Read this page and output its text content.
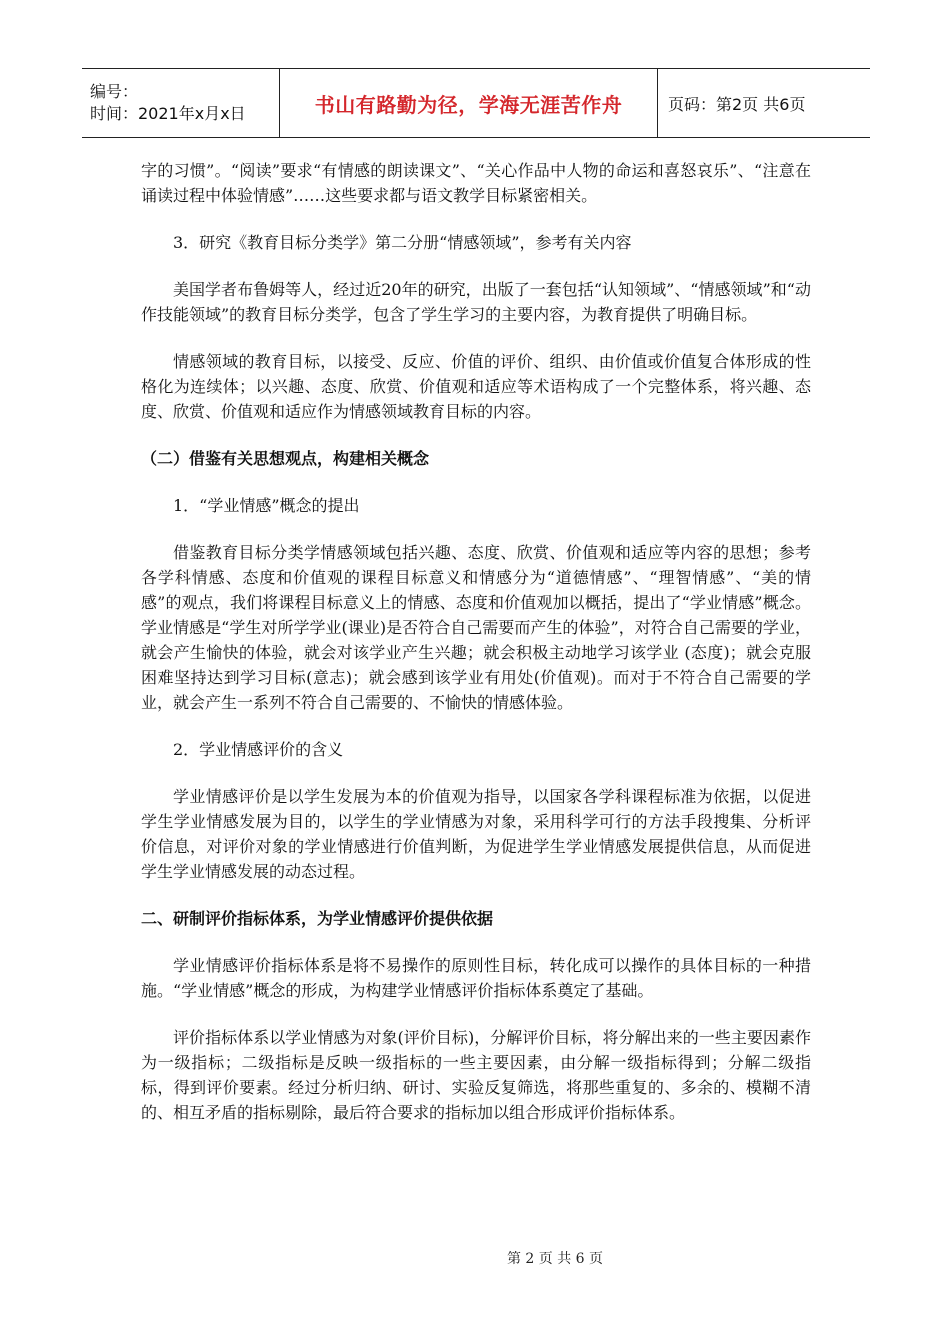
编号：
时间：2021年x月x日	书山有路勤为径，学海无涯苦作舟	页码：第2页 共6页

字的习惯”。“阅读”要求“有情感的朗读课文”、“关心作品中人物的命运和喜怒哀乐”、“注意在诵读过程中体验情感”……这些要求都与语文教学目标紧密相关。

3．研究《教育目标分类学》第二分册“情感领域”，参考有关内容

美国学者布鲁姆等人，经过近20年的研究，出版了一套包括“认知领域”、“情感领域”和“动作技能领域”的教育目标分类学，包含了学生学习的主要内容，为教育提供了明确目标。

情感领域的教育目标，以接受、反应、价值的评价、组织、由价值或价值复合体形成的性格化为连续体；以兴趣、态度、欣赏、价值观和适应等术语构成了一个完整体系，将兴趣、态度、欣赏、价值观和适应作为情感领域教育目标的内容。

（二）借鉴有关思想观点，构建相关概念

1．“学业情感”概念的提出

借鉴教育目标分类学情感领域包括兴趣、态度、欣赏、价值观和适应等内容的思想；参考各学科情感、态度和价值观的课程目标意义和情感分为“道德情感”、“理智情感”、“美的情感”的观点，我们将课程目标意义上的情感、态度和价值观加以概括，提出了“学业情感”概念。学业情感是“学生对所学学业(课业)是否符合自己需要而产生的体验”，对符合自己需要的学业，就会产生愉快的体验，就会对该学业产生兴趣；就会积极主动地学习该学业 (态度)；就会克服困难坚持达到学习目标(意志)；就会感到该学业有用处(价值观)。而对于不符合自己需要的学业，就会产生一系列不符合自己需要的、不愉快的情感体验。

2．学业情感评价的含义

学业情感评价是以学生发展为本的价值观为指导，以国家各学科课程标准为依据，以促进学生学业情感发展为目的，以学生的学业情感为对象，采用科学可行的方法手段搜集、分析评价信息，对评价对象的学业情感进行价值判断，为促进学生学业情感发展提供信息，从而促进学生学业情感发展的动态过程。

二、研制评价指标体系，为学业情感评价提供依据

学业情感评价指标体系是将不易操作的原则性目标，转化成可以操作的具体目标的一种措施。“学业情感”概念的形成，为构建学业情感评价指标体系奠定了基础。

评价指标体系以学业情感为对象(评价目标)，分解评价目标，将分解出来的一些主要因素作为一级指标；二级指标是反映一级指标的一些主要因素，由分解一级指标得到；分解二级指标，得到评价要素。经过分析归纳、研讨、实验反复筛选，将那些重复的、多余的、模糊不清的、相互矛盾的指标剔除，最后符合要求的指标加以组合形成评价指标体系。

第 2 页 共 6 页
